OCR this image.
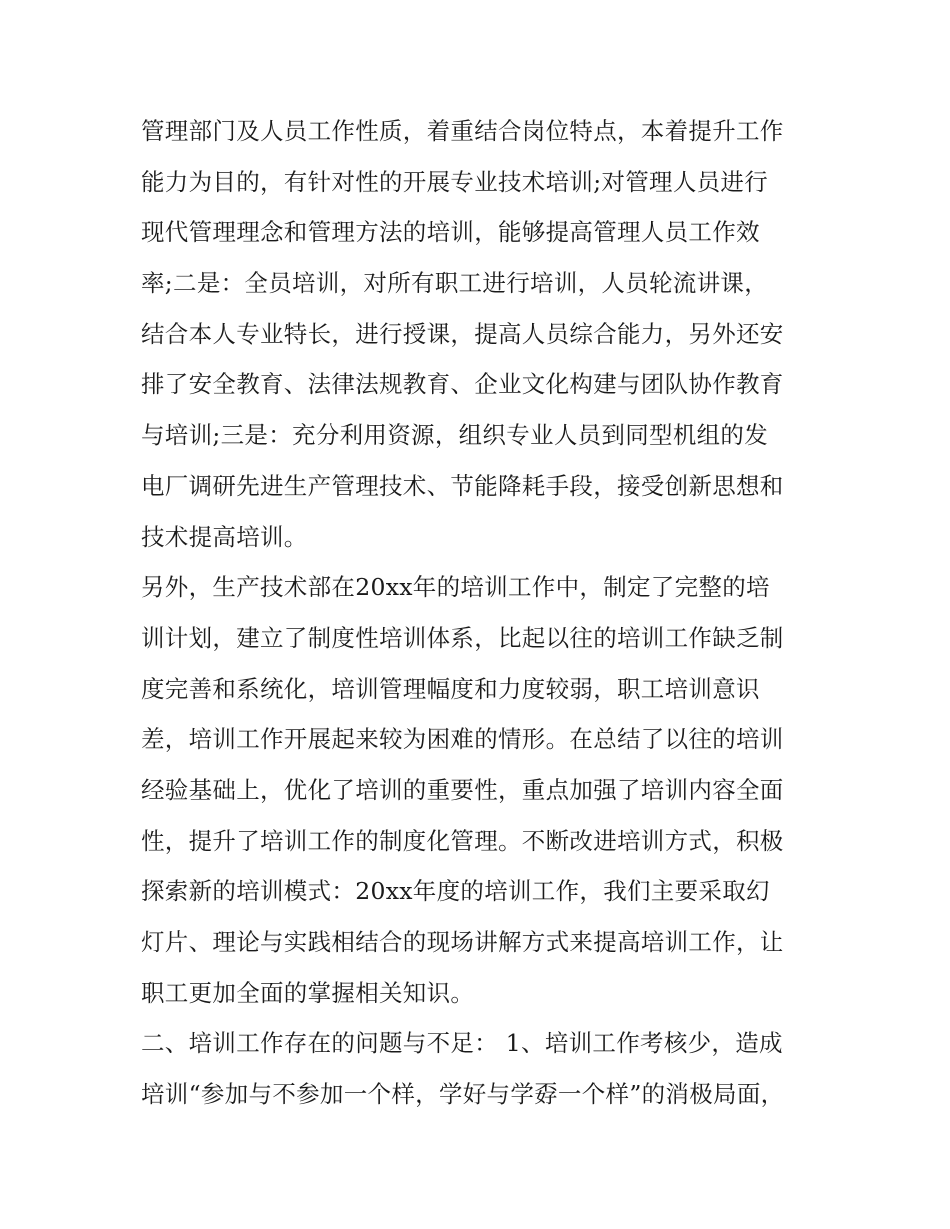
管理部门及人员工作性质，着重结合岗位特点，本着提升工作
能力为目的，有针对性的开展专业技术培训;对管理人员进行
现代管理理念和管理方法的培训，能够提高管理人员工作效
率;二是：全员培训，对所有职工进行培训，人员轮流讲课，
结合本人专业特长，进行授课，提高人员综合能力，另外还安
排了安全教育、法律法规教育、企业文化构建与团队协作教育
与培训;三是：充分利用资源，组织专业人员到同型机组的发
电厂调研先进生产管理技术、节能降耗手段，接受创新思想和
技术提高培训。
另外，生产技术部在20xx年的培训工作中，制定了完整的培
训计划，建立了制度性培训体系，比起以往的培训工作缺乏制
度完善和系统化，培训管理幅度和力度较弱，职工培训意识
差，培训工作开展起来较为困难的情形。在总结了以往的培训
经验基础上，优化了培训的重要性，重点加强了培训内容全面
性，提升了培训工作的制度化管理。不断改进培训方式，积极
探索新的培训模式：20xx年度的培训工作，我们主要采取幻
灯片、理论与实践相结合的现场讲解方式来提高培训工作，让
职工更加全面的掌握相关知识。
二、培训工作存在的问题与不足： 1、培训工作考核少，造成
培训“参加与不参加一个样，学好与学孬一个样”的消极局面，
